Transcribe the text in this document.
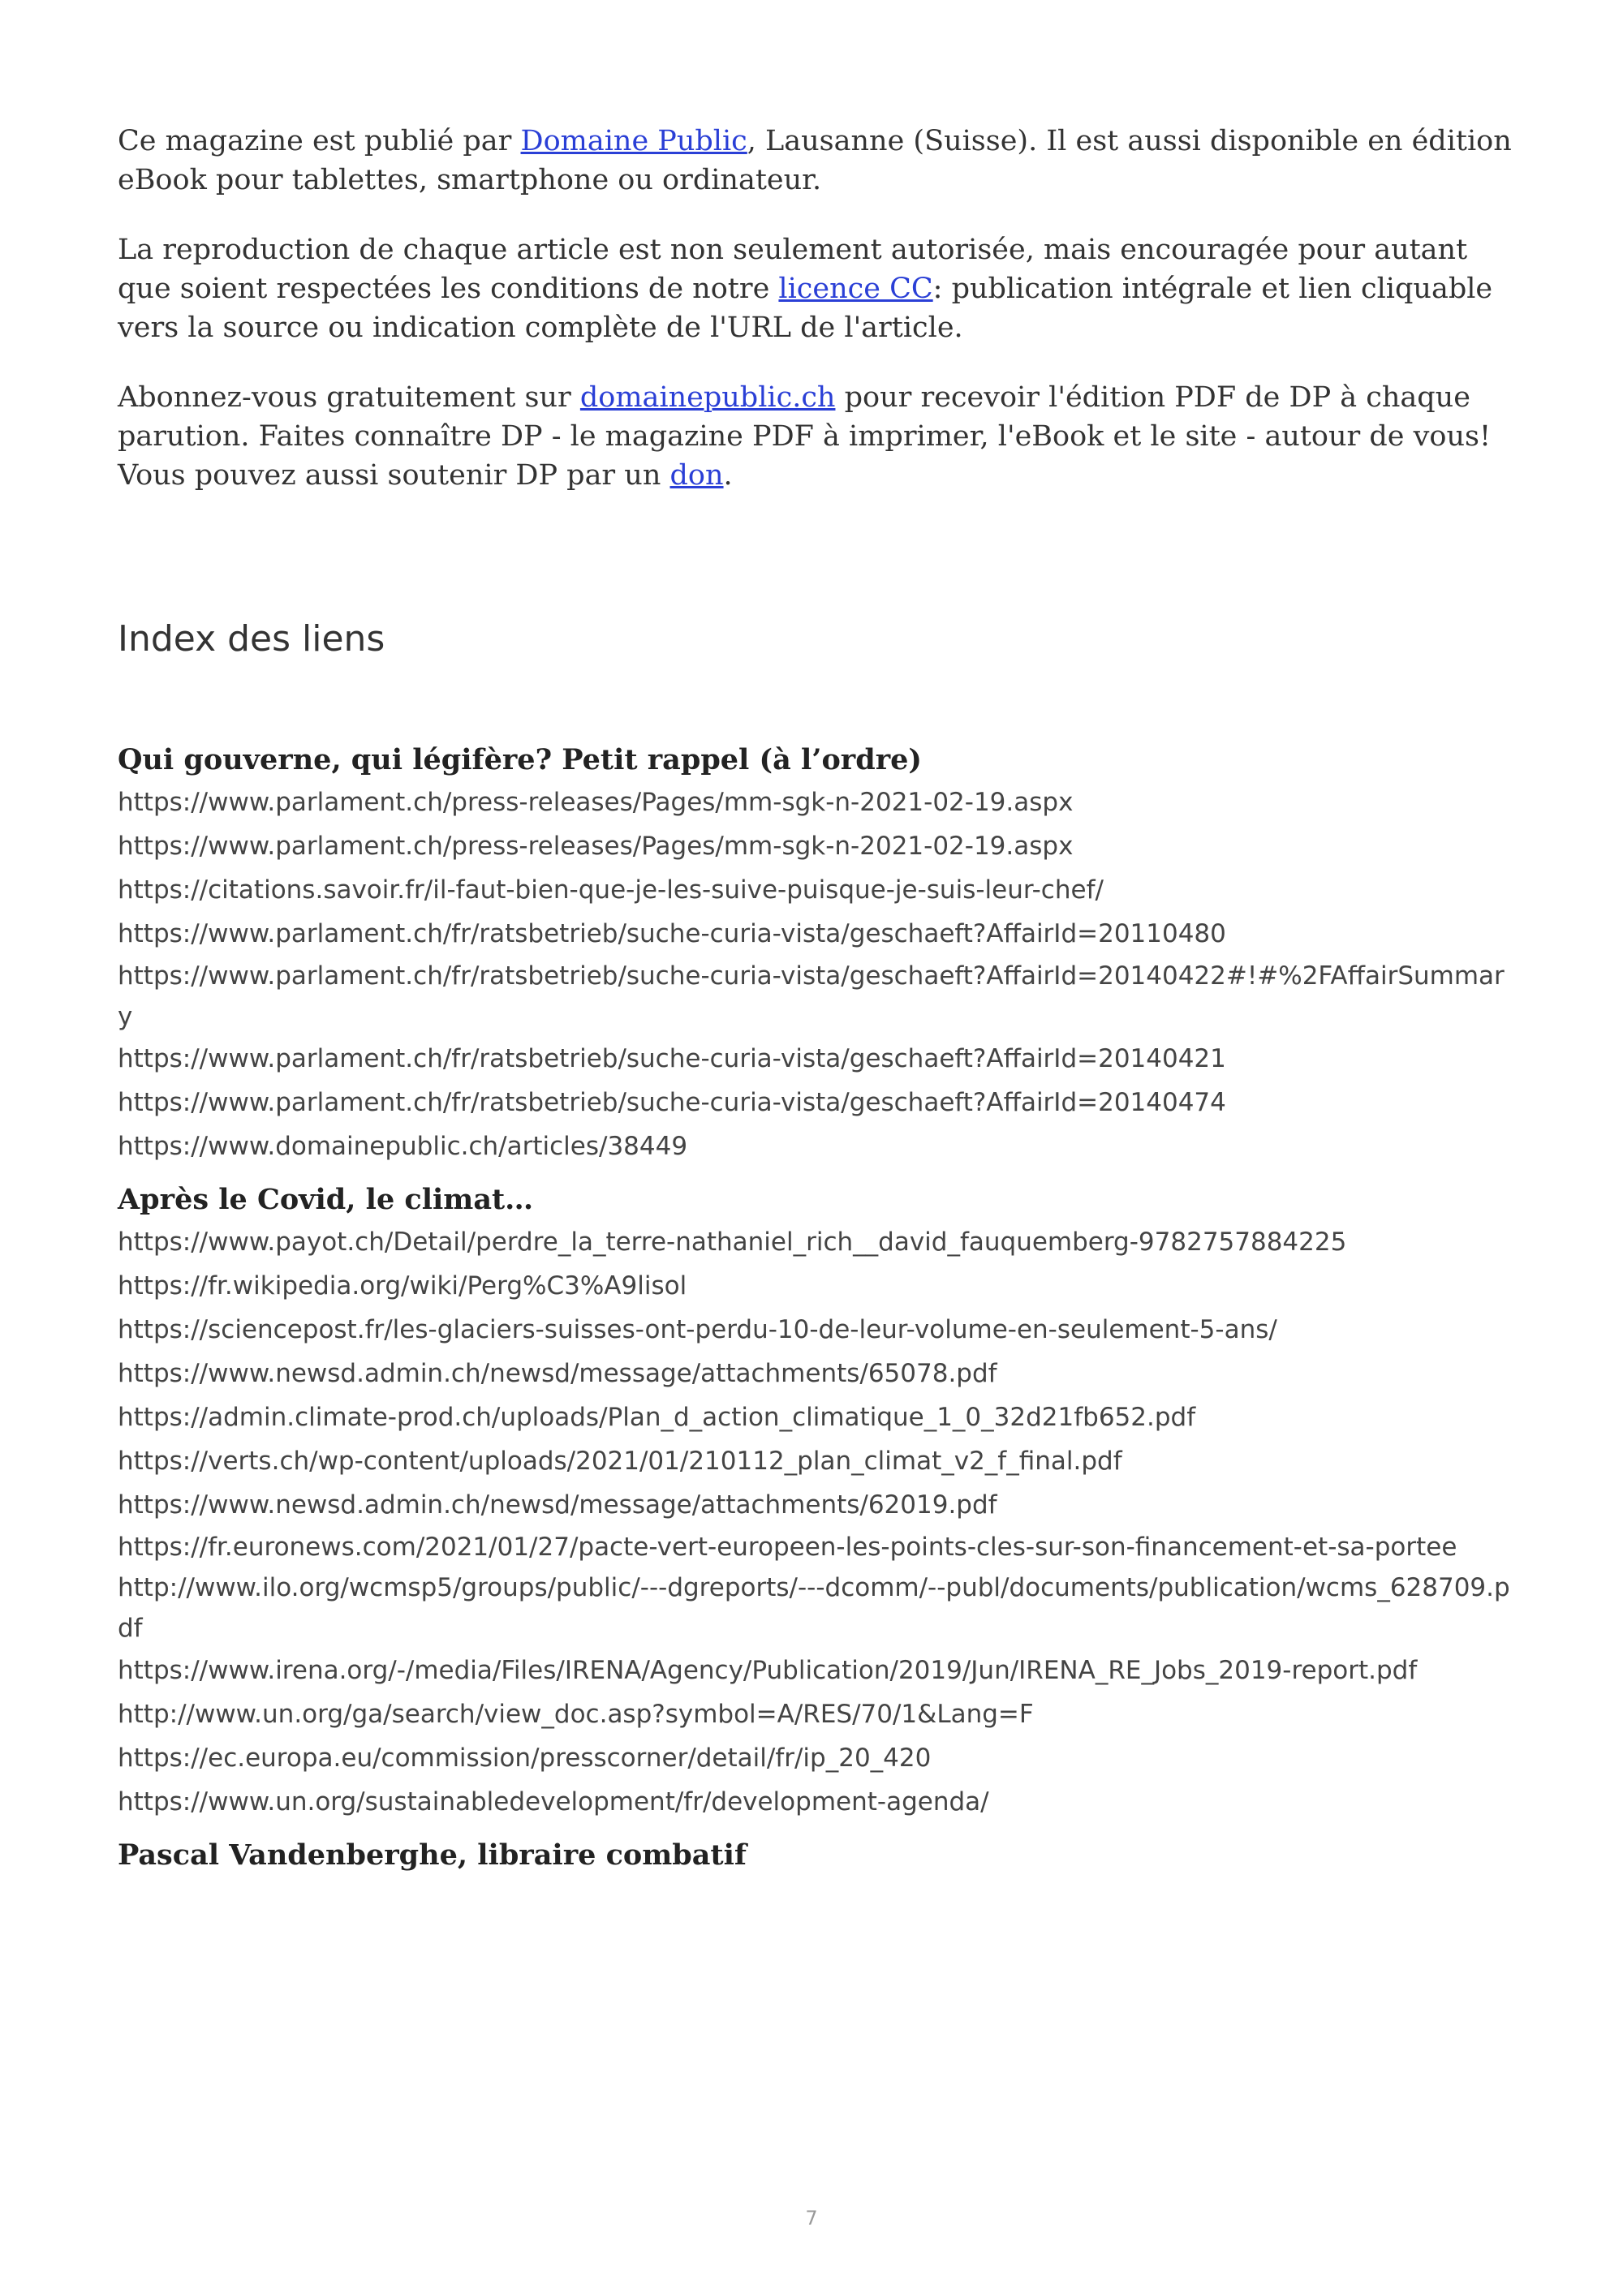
Ce magazine est publié par Domaine Public, Lausanne (Suisse). Il est aussi disponible en édition eBook pour tablettes, smartphone ou ordinateur.

La reproduction de chaque article est non seulement autorisée, mais encouragée pour autant que soient respectées les conditions de notre licence CC: publication intégrale et lien cliquable vers la source ou indication complète de l'URL de l'article.

Abonnez-vous gratuitement sur domainepublic.ch pour recevoir l'édition PDF de DP à chaque parution. Faites connaître DP - le magazine PDF à imprimer, l'eBook et le site - autour de vous! Vous pouvez aussi soutenir DP par un don.

Index des liens
Qui gouverne, qui légifère? Petit rappel (à l’ordre)
https://www.parlament.ch/press-releases/Pages/mm-sgk-n-2021-02-19.aspx
https://www.parlament.ch/press-releases/Pages/mm-sgk-n-2021-02-19.aspx
https://citations.savoir.fr/il-faut-bien-que-je-les-suive-puisque-je-suis-leur-chef/
https://www.parlament.ch/fr/ratsbetrieb/suche-curia-vista/geschaeft?AffairId=20110480
https://www.parlament.ch/fr/ratsbetrieb/suche-curia-vista/geschaeft?AffairId=20140422#!#%2FAffairSummary
https://www.parlament.ch/fr/ratsbetrieb/suche-curia-vista/geschaeft?AffairId=20140421
https://www.parlament.ch/fr/ratsbetrieb/suche-curia-vista/geschaeft?AffairId=20140474
https://www.domainepublic.ch/articles/38449
Après le Covid, le climat…
https://www.payot.ch/Detail/perdre_la_terre-nathaniel_rich__david_fauquemberg-9782757884225
https://fr.wikipedia.org/wiki/Perg%C3%A9lisol
https://sciencepost.fr/les-glaciers-suisses-ont-perdu-10-de-leur-volume-en-seulement-5-ans/
https://www.newsd.admin.ch/newsd/message/attachments/65078.pdf
https://admin.climate-prod.ch/uploads/Plan_d_action_climatique_1_0_32d21fb652.pdf
https://verts.ch/wp-content/uploads/2021/01/210112_plan_climat_v2_f_final.pdf
https://www.newsd.admin.ch/newsd/message/attachments/62019.pdf
https://fr.euronews.com/2021/01/27/pacte-vert-europeen-les-points-cles-sur-son-financement-et-sa-portee
http://www.ilo.org/wcmsp5/groups/public/---dgreports/---dcomm/--publ/documents/publication/wcms_628709.pdf
https://www.irena.org/-/media/Files/IRENA/Agency/Publication/2019/Jun/IRENA_RE_Jobs_2019-report.pdf
http://www.un.org/ga/search/view_doc.asp?symbol=A/RES/70/1&Lang=F
https://ec.europa.eu/commission/presscorner/detail/fr/ip_20_420
https://www.un.org/sustainabledevelopment/fr/development-agenda/
Pascal Vandenberghe, libraire combatif
7
